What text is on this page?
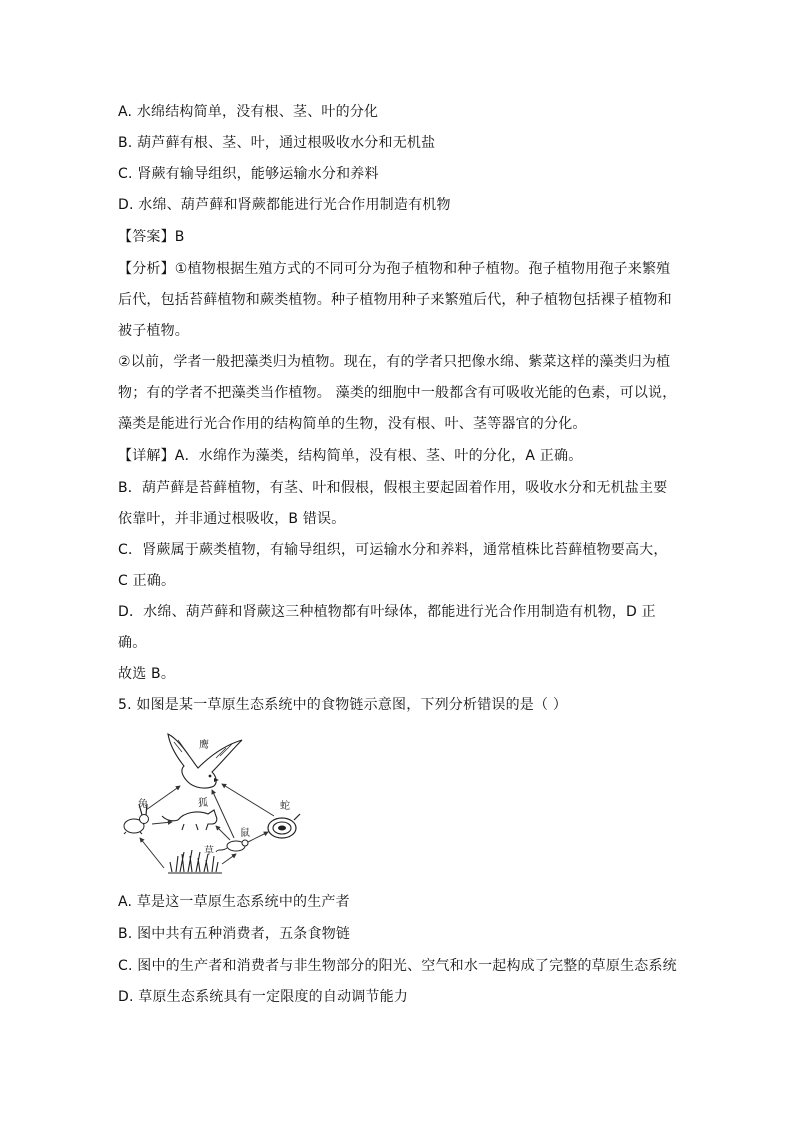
A. 水绵结构简单，没有根、茎、叶的分化
B. 葫芦藓有根、茎、叶，通过根吸收水分和无机盐
C. 肾蕨有输导组织，能够运输水分和养料
D. 水绵、葫芦藓和肾蕨都能进行光合作用制造有机物
【答案】B
【分析】①植物根据生殖方式的不同可分为孢子植物和种子植物。孢子植物用孢子来繁殖
后代，包括苔藓植物和蕨类植物。种子植物用种子来繁殖后代，种子植物包括裸子植物和
被子植物。
②以前，学者一般把藻类归为植物。现在，有的学者只把像水绵、紫菜这样的藻类归为植
物；有的学者不把藻类当作植物。 藻类的细胞中一般都含有可吸收光能的色素，可以说，
藻类是能进行光合作用的结构简单的生物，没有根、叶、茎等器官的分化。
【详解】A．水绵作为藻类，结构简单，没有根、茎、叶的分化，A 正确。
B．葫芦藓是苔藓植物，有茎、叶和假根，假根主要起固着作用，吸收水分和无机盐主要
依靠叶，并非通过根吸收，B 错误。
C．肾蕨属于蕨类植物，有输导组织，可运输水分和养料，通常植株比苔藓植物要高大，
C 正确。
D．水绵、葫芦藓和肾蕨这三种植物都有叶绿体，都能进行光合作用制造有机物，D 正
确。
故选 B。
5. 如图是某一草原生态系统中的食物链示意图，下列分析错误的是（ ）
鹰
兔	狐	蛇
鼠
草
A. 草是这一草原生态系统中的生产者
B. 图中共有五种消费者，五条食物链
C. 图中的生产者和消费者与非生物部分的阳光、空气和水一起构成了完整的草原生态系统
D. 草原生态系统具有一定限度的自动调节能力
